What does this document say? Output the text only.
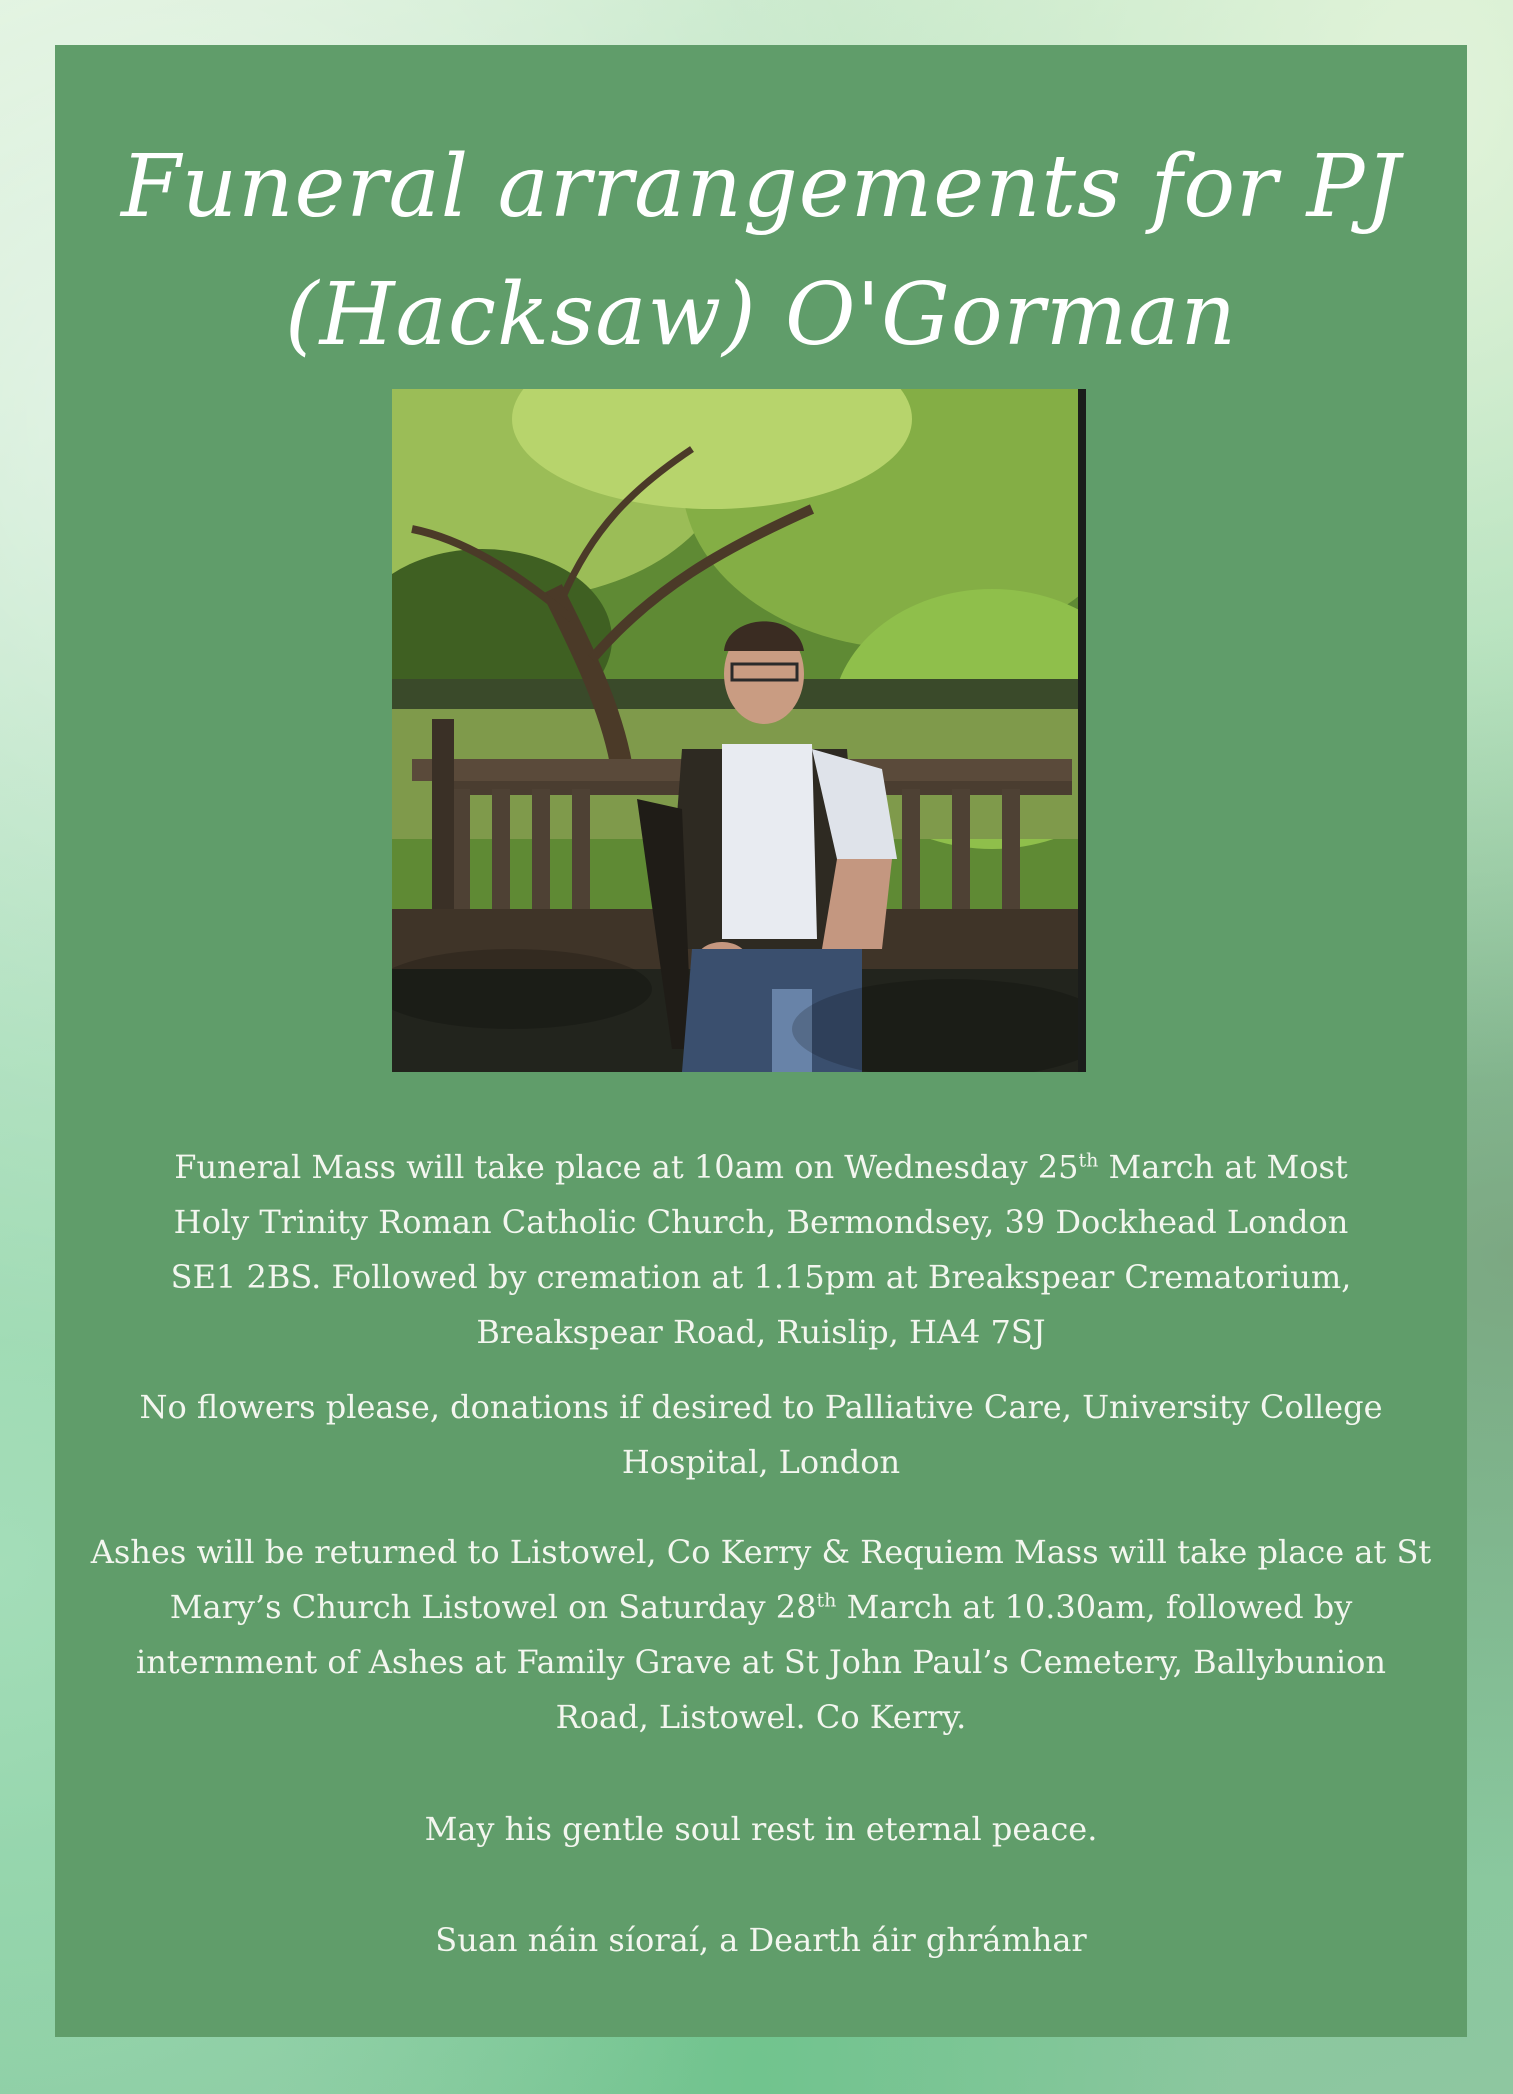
Funeral arrangements for PJ
(Hacksaw) O'Gorman

Funeral Mass will take place at 10am on Wednesday 25th March at Most
Holy Trinity Roman Catholic Church, Bermondsey, 39 Dockhead London
SE1 2BS. Followed by cremation at 1.15pm at Breakspear Crematorium,
Breakspear Road, Ruislip, HA4 7SJ

No flowers please, donations if desired to Palliative Care, University College
Hospital, London

Ashes will be returned to Listowel, Co Kerry & Requiem Mass will take place at St
Mary’s Church Listowel on Saturday 28th March at 10.30am, followed by
internment of Ashes at Family Grave at St John Paul’s Cemetery, Ballybunion
Road, Listowel. Co Kerry.

May his gentle soul rest in eternal peace.

Suan náin síoraí, a Dearth áir ghrámhar
